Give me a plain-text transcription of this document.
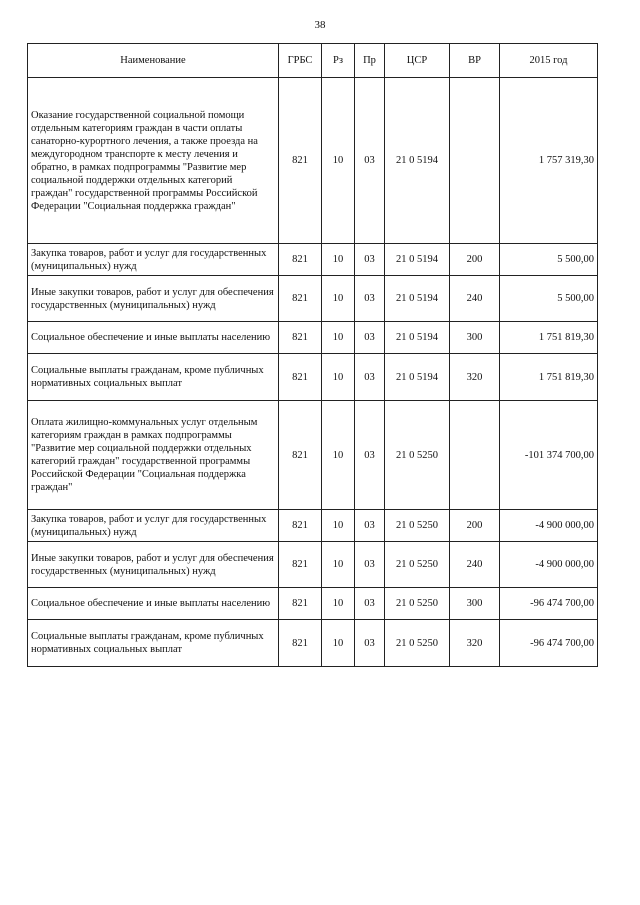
38
Наименование	ГРБС	Рз	Пр	ЦСР	ВР	2015 год
Оказание государственной социальной помощи отдельным категориям граждан в части оплаты санаторно-курортного лечения, а также проезда на междугородном транспорте к месту лечения и обратно, в рамках подпрограммы "Развитие мер социальной поддержки отдельных категорий граждан" государственной программы Российской Федерации "Социальная поддержка граждан"	821	10	03	21 0 5194		1 757 319,30
Закупка товаров, работ и услуг для государственных (муниципальных) нужд	821	10	03	21 0 5194	200	5 500,00
Иные закупки товаров, работ и услуг для обеспечения государственных (муниципальных) нужд	821	10	03	21 0 5194	240	5 500,00
Социальное обеспечение и иные выплаты населению	821	10	03	21 0 5194	300	1 751 819,30
Социальные выплаты гражданам, кроме публичных нормативных социальных выплат	821	10	03	21 0 5194	320	1 751 819,30
Оплата жилищно-коммунальных услуг отдельным категориям граждан в рамках подпрограммы "Развитие мер социальной поддержки отдельных категорий граждан" государственной программы Российской Федерации "Социальная поддержка граждан"	821	10	03	21 0 5250		-101 374 700,00
Закупка товаров, работ и услуг для государственных (муниципальных) нужд	821	10	03	21 0 5250	200	-4 900 000,00
Иные закупки товаров, работ и услуг для обеспечения государственных (муниципальных) нужд	821	10	03	21 0 5250	240	-4 900 000,00
Социальное обеспечение и иные выплаты населению	821	10	03	21 0 5250	300	-96 474 700,00
Социальные выплаты гражданам, кроме публичных нормативных социальных выплат	821	10	03	21 0 5250	320	-96 474 700,00
